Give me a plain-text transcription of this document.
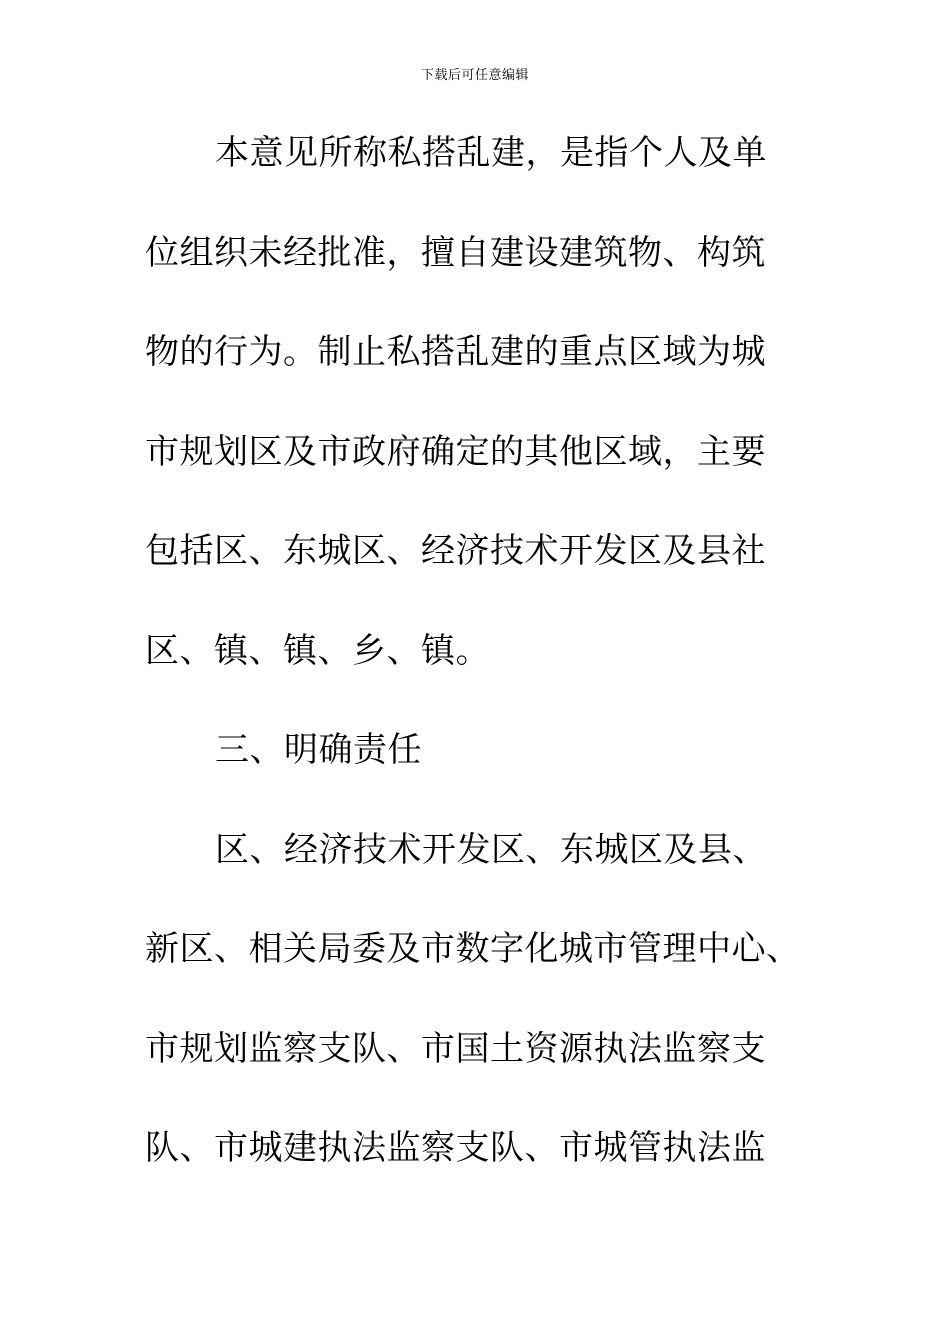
下载后可任意编辑
本意见所称私搭乱建，是指个人及单
位组织未经批准，擅自建设建筑物、构筑
物的行为。制止私搭乱建的重点区域为城
市规划区及市政府确定的其他区域，主要
包括区、东城区、经济技术开发区及县社
区、镇、镇、乡、镇。
三、明确责任
区、经济技术开发区、东城区及县、
新区、相关局委及市数字化城市管理中心、
市规划监察支队、市国土资源执法监察支
队、市城建执法监察支队、市城管执法监
